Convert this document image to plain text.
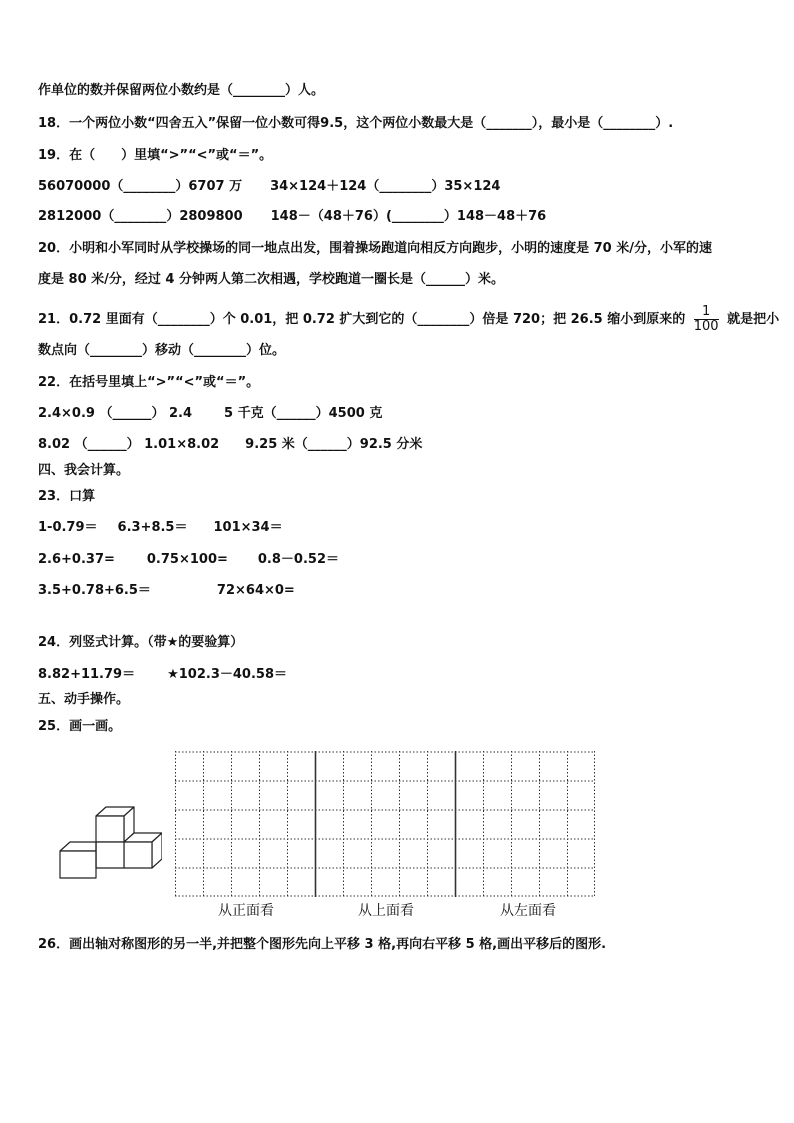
作单位的数并保留两位小数约是（________）人。
18．一个两位小数“四舍五入”保留一位小数可得9.5，这个两位小数最大是（_______），最小是（________）.
19．在（　　）里填“>”“<”或“＝”。
56070000（________）6707 万 34×124＋124（________）35×124
2812000（________）2809800 148－（48＋76）(________）148－48＋76
20．小明和小军同时从学校操场的同一地点出发，围着操场跑道向相反方向跑步，小明的速度是 70 米/分，小军的速
度是 80 米/分，经过 4 分钟两人第二次相遇，学校跑道一圈长是（______）米。
数点向（________）移动（________）位。
22．在括号里填上“>”“<”或“＝”。
2.4×0.9 （______） 2.4 5 千克（______）4500 克
8.02 （______） 1.01×8.02 9.25 米（______）92.5 分米
四、我会计算。
23．口算
1-0.79＝ 6.3+8.5＝ 101×34＝
2.6+0.37= 0.75×100= 0.8－0.52＝
3.5+0.78+6.5＝	72×64×0=
24．列竖式计算。（带★的要验算）
8.82+11.79＝ ★102.3－40.58＝
五、动手操作。
25．画一画。
26．画出轴对称图形的另一半,并把整个图形先向上平移 3 格,再向右平移 5 格,画出平移后的图形.
21．0.72 里面有（________）个 0.01，把 0.72 扩大到它的（________）倍是 720；把 26.5 缩小到原来的 $\frac{1}{100}$ 就是把小
从正面看	从上面看	从左面看
